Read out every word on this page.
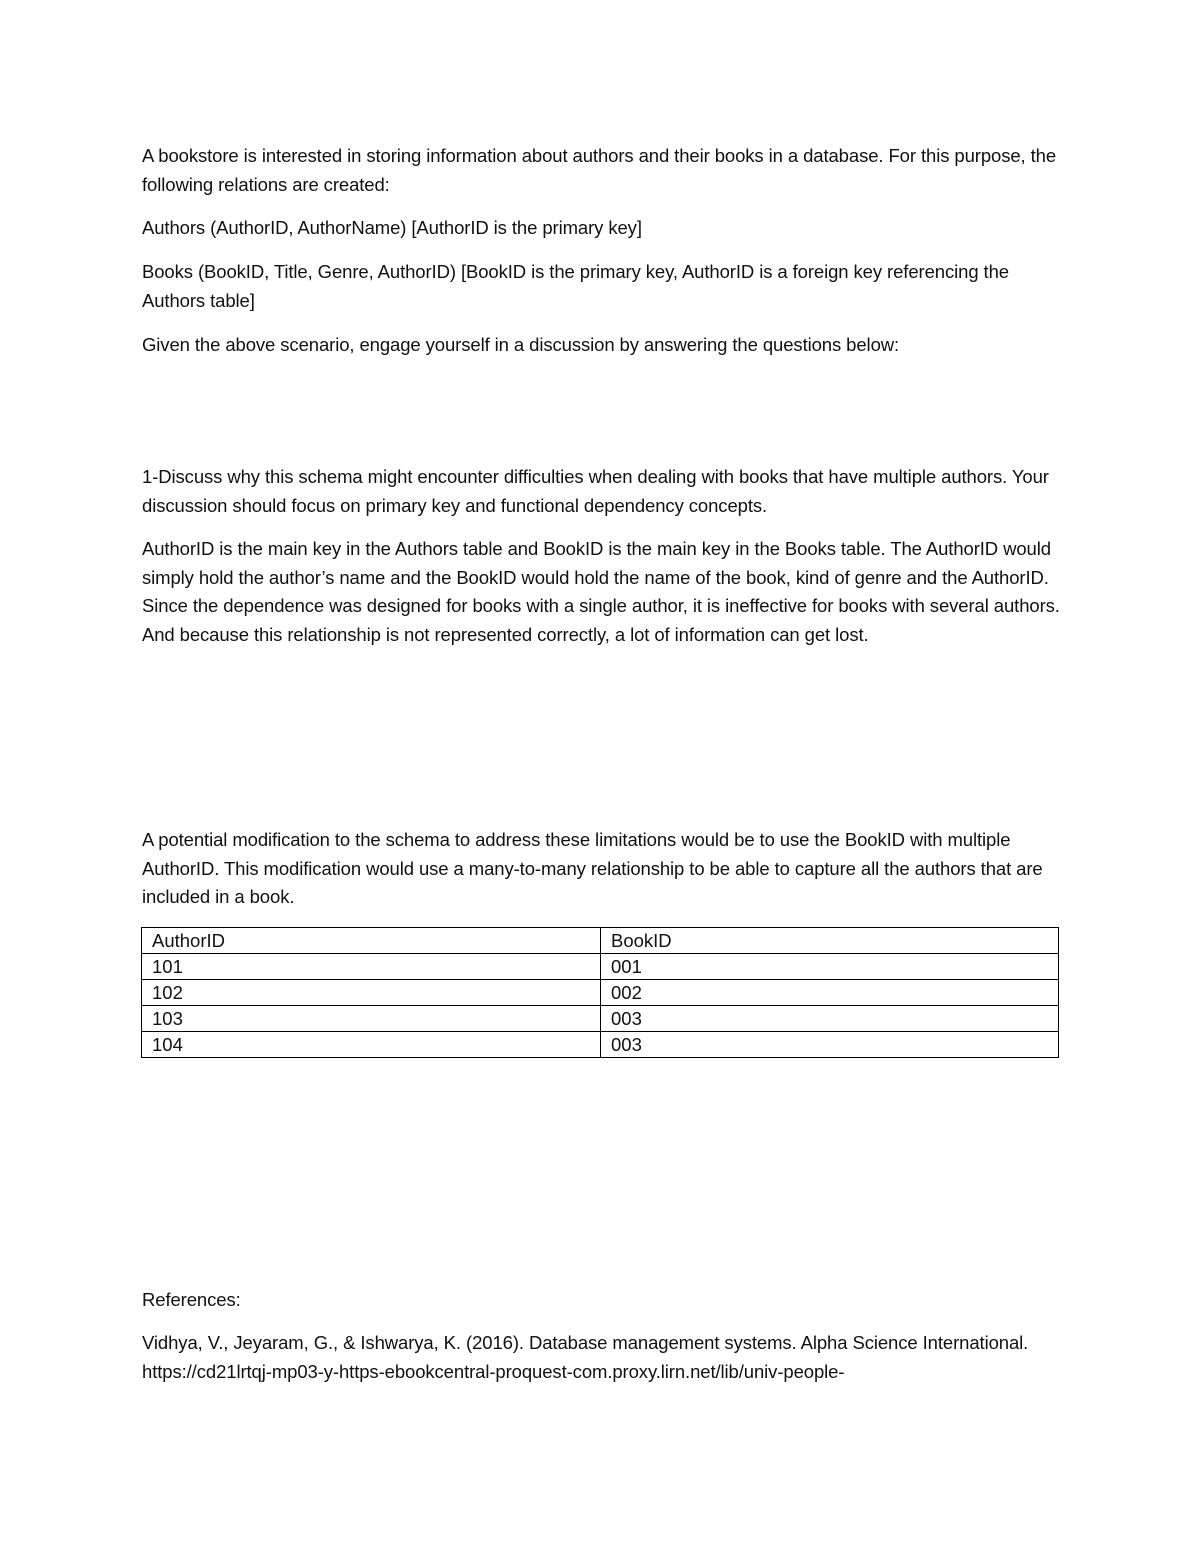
A bookstore is interested in storing information about authors and their books in a database. For this purpose, the following relations are created:

Authors (AuthorID, AuthorName) [AuthorID is the primary key]

Books (BookID, Title, Genre, AuthorID) [BookID is the primary key, AuthorID is a foreign key referencing the Authors table]

Given the above scenario, engage yourself in a discussion by answering the questions below:

1-Discuss why this schema might encounter difficulties when dealing with books that have multiple authors. Your discussion should focus on primary key and functional dependency concepts.

AuthorID is the main key in the Authors table and BookID is the main key in the Books table. The AuthorID would simply hold the author’s name and the BookID would hold the name of the book, kind of genre and the AuthorID. Since the dependence was designed for books with a single author, it is ineffective for books with several authors. And because this relationship is not represented correctly, a lot of information can get lost.

A potential modification to the schema to address these limitations would be to use the BookID with multiple AuthorID. This modification would use a many-to-many relationship to be able to capture all the authors that are included in a book.

AuthorID	BookID
101	001
102	002
103	003
104	003

References:

Vidhya, V., Jeyaram, G., & Ishwarya, K. (2016). Database management systems. Alpha Science International. https://cd21lrtqj-mp03-y-https-ebookcentral-proquest-com.proxy.lirn.net/lib/univ-people-
